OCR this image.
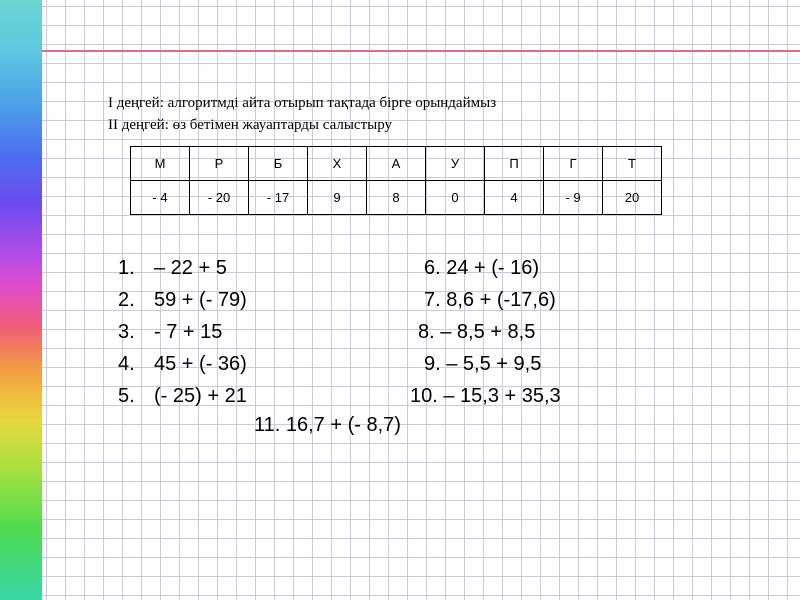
I деңгей: алгоритмді айта отырып тақтада бірге орындаймыз
II деңгей: өз бетімен жауаптарды салыстыру
М	Р	Б	Х	А	У	П	Г	Т
- 4	- 20	- 17	9	8	0	4	- 9	20
1. – 22 + 5	6. 24 + (- 16)
2. 59 + (- 79)	7. 8,6 + (-17,6)
3. - 7 + 15	8. – 8,5 + 8,5
4. 45 + (- 36)	9. – 5,5 + 9,5
5. (- 25) + 21	10. – 15,3 + 35,3
11. 16,7 + (- 8,7)
